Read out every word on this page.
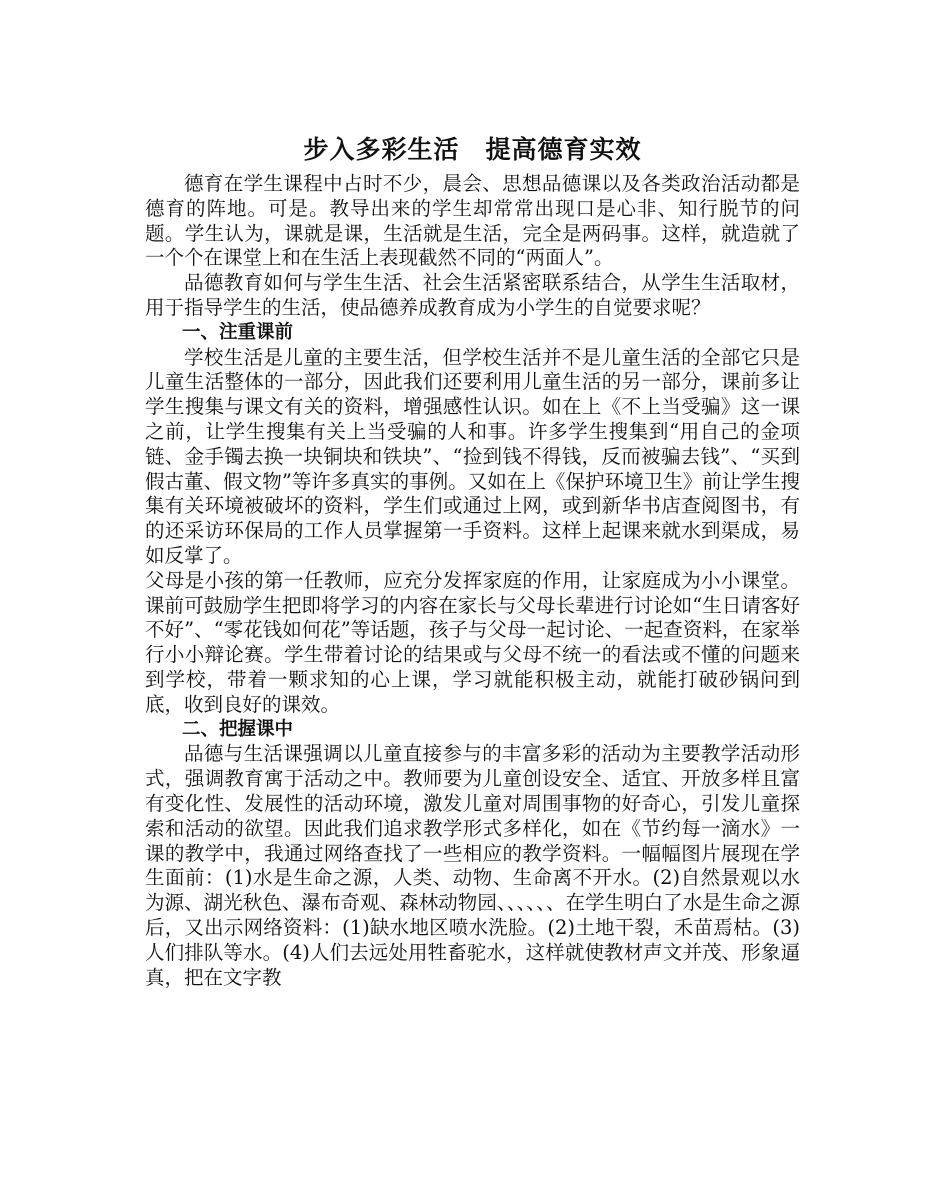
步入多彩生活　提高德育实效

德育在学生课程中占时不少，晨会、思想品德课以及各类政治活动都是德育的阵地。可是。教导出来的学生却常常出现口是心非、知行脱节的问题。学生认为，课就是课，生活就是生活，完全是两码事。这样，就造就了一个个在课堂上和在生活上表现截然不同的“两面人”。

品德教育如何与学生生活、社会生活紧密联系结合，从学生生活取材，用于指导学生的生活，使品德养成教育成为小学生的自觉要求呢？

一、注重课前

学校生活是儿童的主要生活，但学校生活并不是儿童生活的全部它只是儿童生活整体的一部分，因此我们还要利用儿童生活的另一部分，课前多让学生搜集与课文有关的资料，增强感性认识。如在上《不上当受骗》这一课之前，让学生搜集有关上当受骗的人和事。许多学生搜集到“用自己的金项链、金手镯去换一块铜块和铁块”、“捡到钱不得钱，反而被骗去钱”、“买到假古董、假文物”等许多真实的事例。又如在上《保护环境卫生》前让学生搜集有关环境被破坏的资料，学生们或通过上网，或到新华书店查阅图书，有的还采访环保局的工作人员掌握第一手资料。这样上起课来就水到渠成，易如反掌了。

父母是小孩的第一任教师，应充分发挥家庭的作用，让家庭成为小小课堂。课前可鼓励学生把即将学习的内容在家长与父母长辈进行讨论如“生日请客好不好”、“零花钱如何花”等话题，孩子与父母一起讨论、一起查资料，在家举行小小辩论赛。学生带着讨论的结果或与父母不统一的看法或不懂的问题来到学校，带着一颗求知的心上课，学习就能积极主动，就能打破砂锅问到底，收到良好的课效。

二、把握课中

品德与生活课强调以儿童直接参与的丰富多彩的活动为主要教学活动形式，强调教育寓于活动之中。教师要为儿童创设安全、适宜、开放多样且富有变化性、发展性的活动环境，激发儿童对周围事物的好奇心，引发儿童探索和活动的欲望。因此我们追求教学形式多样化，如在《节约每一滴水》一课的教学中，我通过网络查找了一些相应的教学资料。一幅幅图片展现在学生面前：(1)水是生命之源，人类、动物、生命离不开水。(2)自然景观以水为源、湖光秋色、瀑布奇观、森林动物园、、、、、、在学生明白了水是生命之源后，又出示网络资料：(1)缺水地区喷水洗脸。(2)土地干裂，禾苗焉枯。(3)人们排队等水。(4)人们去远处用牲畜驼水，这样就使教材声文并茂、形象逼真，把在文字教
